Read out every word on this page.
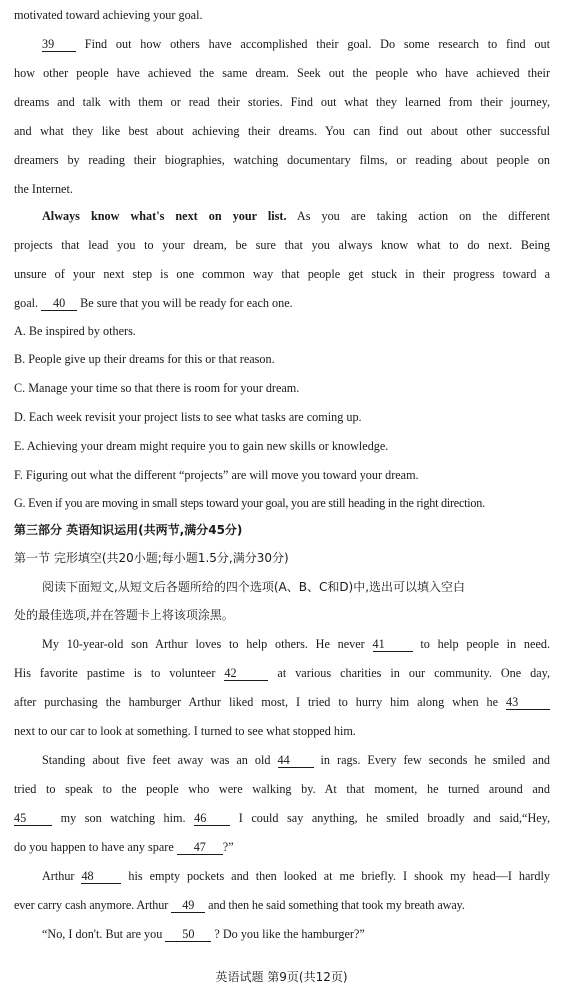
motivated toward achieving your goal.
39	Find out how others have accomplished their goal. Do some research to find out
how other people have achieved the same dream. Seek out the people who have achieved their
dreams and talk with them or read their stories. Find out what they learned from their journey,
and what they like best about achieving their dreams. You can find out about other successful
dreamers by reading their biographies, watching documentary films, or reading about people on
the Internet.
Always know what's next on your list. As you are taking action on the different
projects that lead you to your dream, be sure that you always know what to do next. Being
unsure of your next step is one common way that people get stuck in their progress toward a
goal. 40 Be sure that you will be ready for each one.
A. Be inspired by others.
B. People give up their dreams for this or that reason.
C. Manage your time so that there is room for your dream.
D. Each week revisit your project lists to see what tasks are coming up.
E. Achieving your dream might require you to gain new skills or knowledge.
F. Figuring out what the different “projects” are will move you toward your dream.
G. Even if you are moving in small steps toward your goal, you are still heading in the right direction.
第三部分 英语知识运用(共两节,满分45分)
第一节 完形填空(共20小题;每小题1.5分,满分30分)
阅读下面短文,从短文后各题所给的四个选项(A、B、C和D)中,选出可以填入空白
处的最佳选项,并在答题卡上将该项涂黑。
My 10-year-old son Arthur loves to help others. He never 41	to help people in need.
His favorite pastime is to volunteer 42	at various charities in our community. One day,
after purchasing the hamburger Arthur liked most, I tried to hurry him along when he 43
next to our car to look at something. I turned to see what stopped him.
Standing about five feet away was an old 44	in rags. Every few seconds he smiled and
tried to speak to the people who were walking by. At that moment, he turned around and
45	my son watching him. 46	I could say anything, he smiled broadly and said,“Hey,
do you happen to have any spare 47 ?”
Arthur 48	his empty pockets and then looked at me briefly. I shook my head—I hardly
ever carry cash anymore. Arthur 49 and then he said something that took my breath away.
“No, I don't. But are you 50 ? Do you like the hamburger?”
英语试题 第9页(共12页)
